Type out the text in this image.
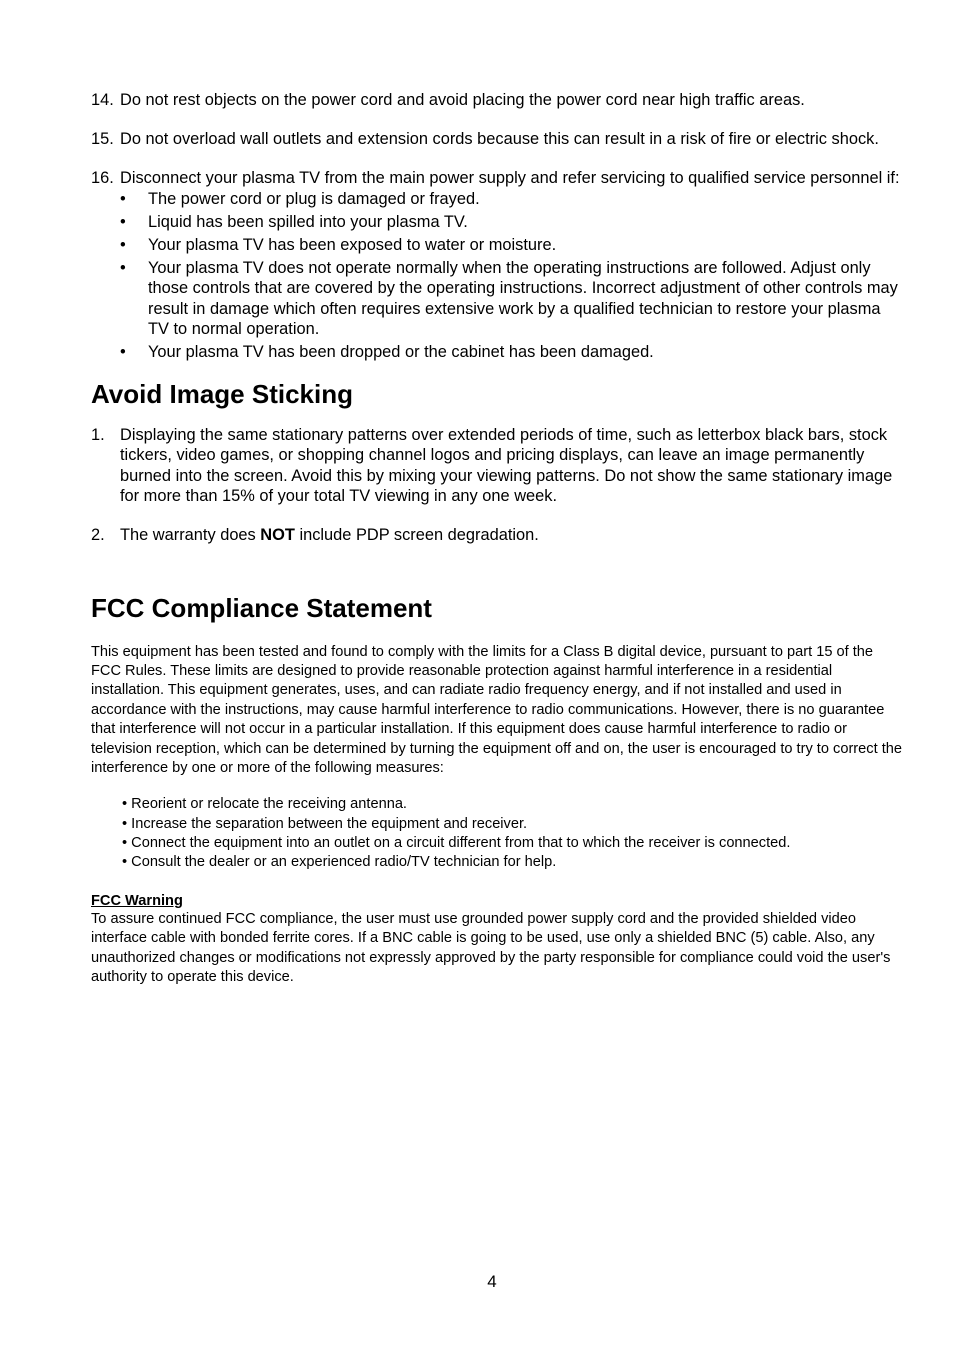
14. Do not rest objects on the power cord and avoid placing the power cord near high traffic areas.
15. Do not overload wall outlets and extension cords because this can result in a risk of fire or electric shock.
16. Disconnect your plasma TV from the main power supply and refer servicing to qualified service personnel if:
•	The power cord or plug is damaged or frayed.
•	Liquid has been spilled into your plasma TV.
•	Your plasma TV has been exposed to water or moisture.
•	Your plasma TV does not operate normally when the operating instructions are followed. Adjust only those controls that are covered by the operating instructions. Incorrect adjustment of other controls may result in damage which often requires extensive work by a qualified technician to restore your plasma TV to normal operation.
•	Your plasma TV has been dropped or the cabinet has been damaged.
Avoid Image Sticking
1. Displaying the same stationary patterns over extended periods of time, such as letterbox black bars, stock tickers, video games, or shopping channel logos and pricing displays, can leave an image permanently burned into the screen. Avoid this by mixing your viewing patterns. Do not show the same stationary image for more than 15% of your total TV viewing in any one week.
2. The warranty does NOT include PDP screen degradation.
FCC Compliance Statement
This equipment has been tested and found to comply with the limits for a Class B digital device, pursuant to part 15 of the FCC Rules. These limits are designed to provide reasonable protection against harmful interference in a residential installation. This equipment generates, uses, and can radiate radio frequency energy, and if not installed and used in accordance with the instructions, may cause harmful interference to radio communications. However, there is no guarantee that interference will not occur in a particular installation. If this equipment does cause harmful interference to radio or television reception, which can be determined by turning the equipment off and on, the user is encouraged to try to correct the interference by one or more of the following measures:
• Reorient or relocate the receiving antenna.
• Increase the separation between the equipment and receiver.
• Connect the equipment into an outlet on a circuit different from that to which the receiver is connected.
• Consult the dealer or an experienced radio/TV technician for help.
FCC Warning
To assure continued FCC compliance, the user must use grounded power supply cord and the provided shielded video interface cable with bonded ferrite cores. If a BNC cable is going to be used, use only a shielded BNC (5) cable. Also, any unauthorized changes or modifications not expressly approved by the party responsible for compliance could void the user's authority to operate this device.
4
